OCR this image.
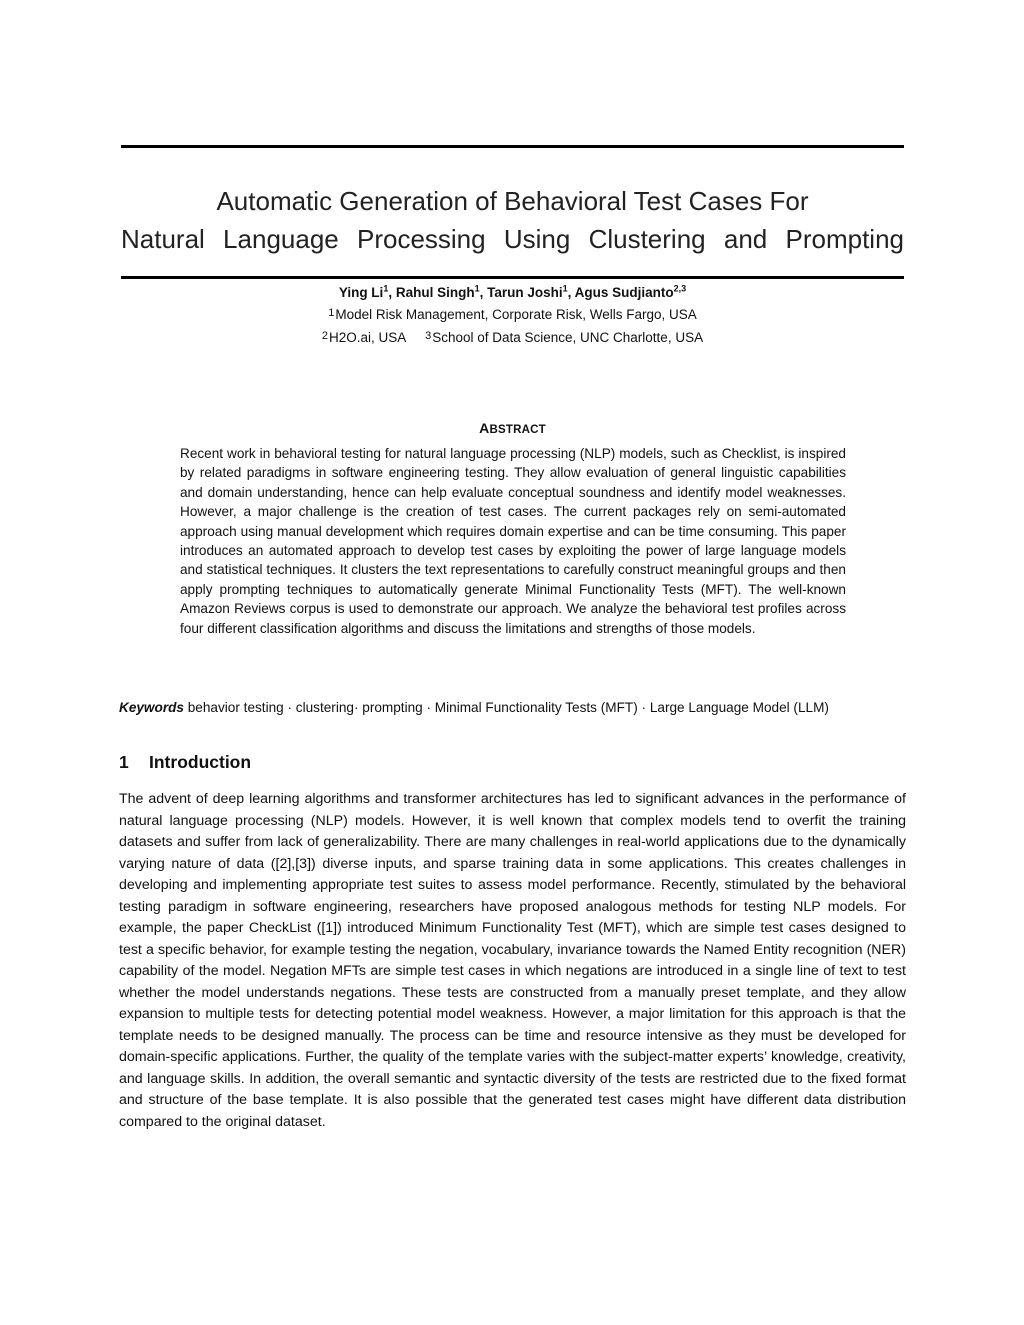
Automatic Generation of Behavioral Test Cases For
Natural Language Processing Using Clustering and Prompting
Ying Li$^1$, Rahul Singh$^1$, Tarun Joshi$^1$, Agus Sudjianto$^{2,3}$
$^1$Model Risk Management, Corporate Risk, Wells Fargo, USA
$^2$H2O.ai, USA $^3$School of Data Science, UNC Charlotte, USA
ABSTRACT
Recent work in behavioral testing for natural language processing (NLP) models, such as Checklist, is inspired by related paradigms in software engineering testing. They allow evaluation of general linguistic capabilities and domain understanding, hence can help evaluate conceptual soundness and identify model weaknesses. However, a major challenge is the creation of test cases. The current packages rely on semi-automated approach using manual development which requires domain expertise and can be time consuming. This paper introduces an automated approach to develop test cases by exploiting the power of large language models and statistical techniques. It clusters the text representations to carefully construct meaningful groups and then apply prompting techniques to automatically generate Minimal Functionality Tests (MFT). The well-known Amazon Reviews corpus is used to demonstrate our approach. We analyze the behavioral test profiles across four different classification algorithms and discuss the limitations and strengths of those models.
Keywords behavior testing · clustering· prompting · Minimal Functionality Tests (MFT) · Large Language Model (LLM)
1 Introduction
The advent of deep learning algorithms and transformer architectures has led to significant advances in the performance of natural language processing (NLP) models. However, it is well known that complex models tend to overfit the training datasets and suffer from lack of generalizability. There are many challenges in real-world applications due to the dynamically varying nature of data ([2],[3]) diverse inputs, and sparse training data in some applications. This creates challenges in developing and implementing appropriate test suites to assess model performance. Recently, stimulated by the behavioral testing paradigm in software engineering, researchers have proposed analogous methods for testing NLP models. For example, the paper CheckList ([1]) introduced Minimum Functionality Test (MFT), which are simple test cases designed to test a specific behavior, for example testing the negation, vocabulary, invariance towards the Named Entity recognition (NER) capability of the model. Negation MFTs are simple test cases in which negations are introduced in a single line of text to test whether the model understands negations. These tests are constructed from a manually preset template, and they allow expansion to multiple tests for detecting potential model weakness. However, a major limitation for this approach is that the template needs to be designed manually. The process can be time and resource intensive as they must be developed for domain-specific applications. Further, the quality of the template varies with the subject-matter experts’ knowledge, creativity, and language skills. In addition, the overall semantic and syntactic diversity of the tests are restricted due to the fixed format and structure of the base template. It is also possible that the generated test cases might have different data distribution compared to the original dataset.
